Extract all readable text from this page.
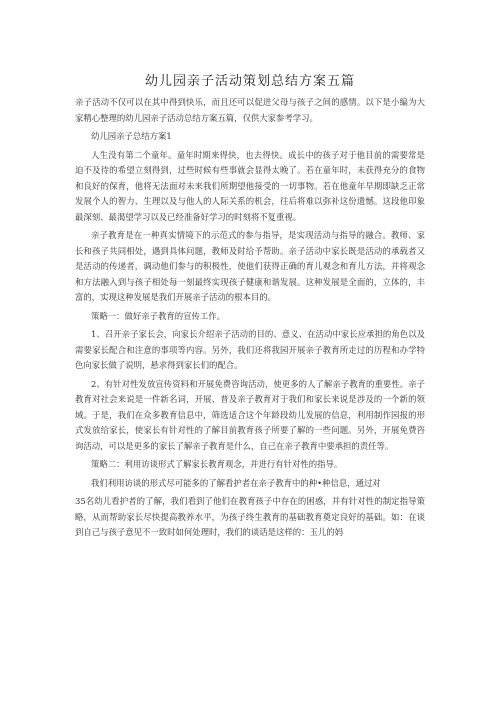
幼儿园亲子活动策划总结方案五篇

亲子活动不仅可以在其中得到快乐，而且还可以促进父母与孩子之间的感情。以下是小编为大家精心整理的幼儿园亲子活动总结方案五篇，仅供大家参考学习。

幼儿园亲子总结方案1

人生没有第二个童年。童年时期来得快，也去得快。成长中的孩子对于他目前的需要常是迫不及待的希望立刻得到，过些时候有些事就会显得太晚了。若在童年时，未获得充分的食物和良好的保育，他将无法面对未来我们所期望他接受的一切事物。若在他童年早期即缺乏正常发展个人的智力、生理以及与他人的人际关系的机会，往后将难以弥补这份遗憾。这段他印象最深刻、最渴望学习以及已经准备好学习的时刻将不复重视。

亲子教育是在一种真实情境下的示范式的参与指导，是实现活动与指导的融合。教师、家长和孩子共同相处，遇到具体问题，教师及时给予帮助。亲子活动中家长既是活动的承载者又是活动的传递者，调动他们参与的积极性，使他们获得正确的育儿观念和育儿方法，并将观念和方法融入到与孩子相处每一刻最终实现孩子健康和谐发展。这种发展是全面的，立体的，丰富的，实现这种发展是我们开展亲子活动的根本目的。

策略一：做好亲子教育的宣传工作。

1、召开亲子家长会，向家长介绍亲子活动的目的、意义、在活动中家长应承担的角色以及需要家长配合和注意的事项等内容。另外，我们还将我园开展亲子教育所走过的历程和办学特色向家长做了说明，悬求得到家长们的配合。

2、有针对性发放宣传资料和开展免费咨询活动，使更多的人了解亲子教育的重要性。亲子教育对社会来说是一件新名词，开展、普及亲子教育对于我们和家长来说是涉及的一个新的领域。于是，我们在众多教育信息中，筛选适合这个年龄段幼儿发展的信息，利用制作园报的形式发放给家长，使家长有针对性的了解目前教育孩子所要了解的一些问题。另外，开展免费咨询活动，可以是更多的家长了解亲子教育是什么，自己在亲子教育中要承担的责任等。

策略二：利用访谈形式了解家长教育观念，并进行有针对性的指导。

我们利用访谈的形式尽可能多的了解看护者在亲子教育中的种•种信息，通过对

35名幼儿看护者的了解，我们看到了他们在教育孩子中存在的困惑，并有针对性的制定指导策略，从而帮助家长尽快提高教养水平，为孩子终生教育的基础教育奠定良好的基础。如：在谈到自己与孩子意见不一致时如何处理时，我们的谈话是这样的：玉儿的妈
